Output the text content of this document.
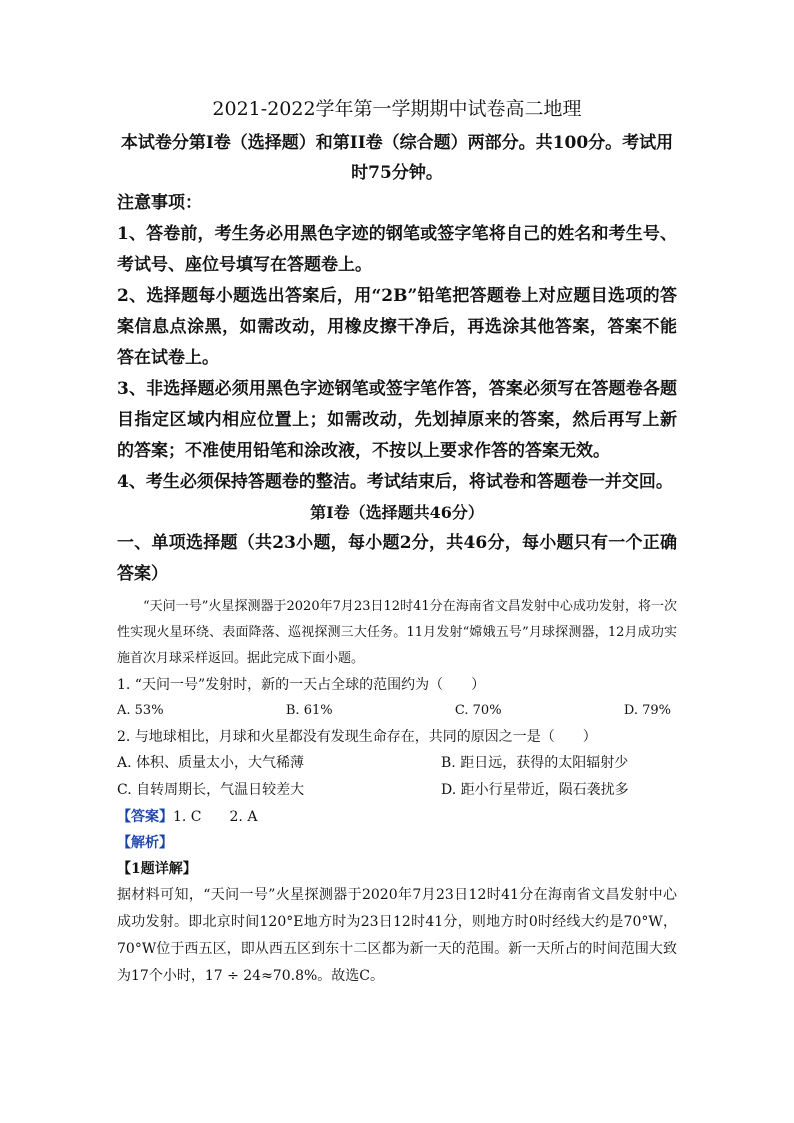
2021-2022学年第一学期期中试卷高二地理
本试卷分第I卷（选择题）和第II卷（综合题）两部分。共100分。考试用时75分钟。
注意事项：
1、答卷前，考生务必用黑色字迹的钢笔或签字笔将自己的姓名和考生号、考试号、座位号填写在答题卷上。
2、选择题每小题选出答案后，用“2B”铅笔把答题卷上对应题目选项的答案信息点涂黑，如需改动，用橡皮擦干净后，再选涂其他答案，答案不能答在试卷上。
3、非选择题必须用黑色字迹钢笔或签字笔作答，答案必须写在答题卷各题目指定区域内相应位置上；如需改动，先划掉原来的答案，然后再写上新的答案；不准使用铅笔和涂改液，不按以上要求作答的答案无效。
4、考生必须保持答题卷的整洁。考试结束后，将试卷和答题卷一并交回。
第I卷（选择题共46分）
一、单项选择题（共23小题，每小题2分，共46分，每小题只有一个正确答案）
“天问一号”火星探测器于2020年7月23日12时41分在海南省文昌发射中心成功发射，将一次性实现火星环绕、表面降落、巡视探测三大任务。11月发射“嫦娥五号”月球探测器，12月成功实施首次月球采样返回。据此完成下面小题。
1. “天问一号”发射时，新的一天占全球的范围约为（　　）
A. 53%	B. 61%	C. 70%	D. 79%
2. 与地球相比，月球和火星都没有发现生命存在，共同的原因之一是（　　）
A. 体积、质量太小，大气稀薄	B. 距日远，获得的太阳辐射少
C. 自转周期长，气温日较差大	D. 距小行星带近，陨石袭扰多
【答案】1. C　　2. A
【解析】
【1题详解】
据材料可知，“天问一号”火星探测器于2020年7月23日12时41分在海南省文昌发射中心成功发射。即北京时间120°E地方时为23日12时41分，则地方时0时经线大约是70°W，70°W位于西五区，即从西五区到东十二区都为新一天的范围。新一天所占的时间范围大致为17个小时，17 ÷ 24≈70.8%。故选C。
